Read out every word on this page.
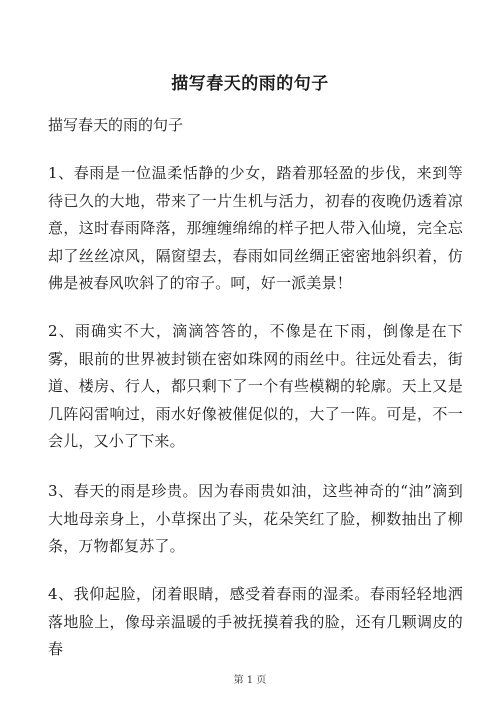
描写春天的雨的句子
描写春天的雨的句子
1、春雨是一位温柔恬静的少女，踏着那轻盈的步伐，来到等待已久的大地，带来了一片生机与活力，初春的夜晚仍透着凉意，这时春雨降落，那缠缠绵绵的样子把人带入仙境，完全忘却了丝丝凉风，隔窗望去，春雨如同丝绸正密密地斜织着，仿佛是被春风吹斜了的帘子。呵，好一派美景！
2、雨确实不大，滴滴答答的，不像是在下雨，倒像是在下雾，眼前的世界被封锁在密如珠网的雨丝中。往远处看去，街道、楼房、行人，都只剩下了一个有些模糊的轮廓。天上又是几阵闷雷响过，雨水好像被催促似的，大了一阵。可是，不一会儿，又小了下来。
3、春天的雨是珍贵。因为春雨贵如油，这些神奇的“油”滴到大地母亲身上，小草探出了头，花朵笑红了脸，柳数抽出了柳条，万物都复苏了。
4、我仰起脸，闭着眼睛，感受着春雨的湿柔。春雨轻轻地洒落地脸上，像母亲温暖的手被抚摸着我的脸，还有几颗调皮的春
第 1 页
